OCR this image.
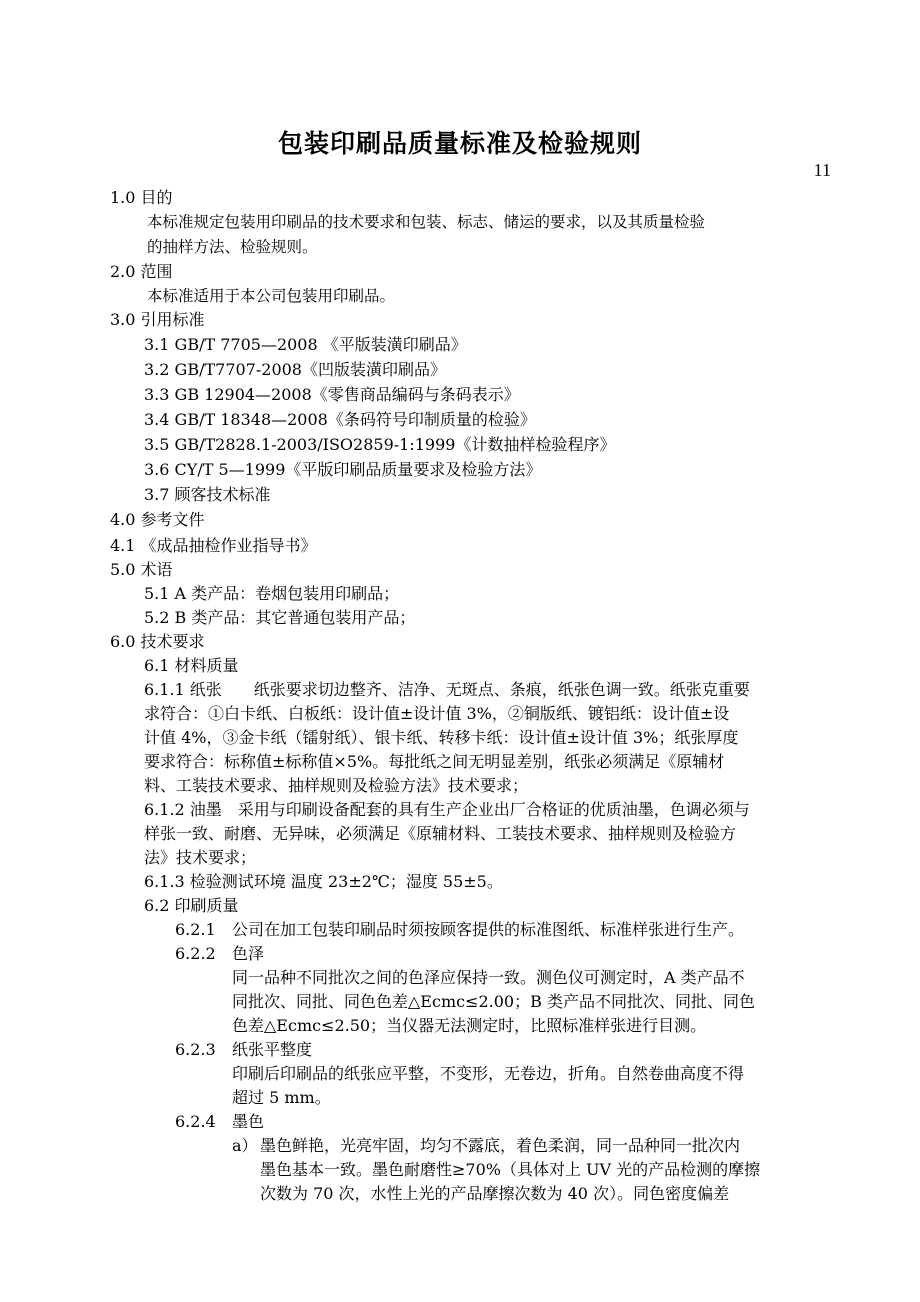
包装印刷品质量标准及检验规则
11
1.0 目的
本标准规定包装用印刷品的技术要求和包装、标志、储运的要求，以及其质量检验
的抽样方法、检验规则。
2.0 范围
本标准适用于本公司包装用印刷品。
3.0 引用标准
3.1 GB/T 7705—2008 《平版装潢印刷品》
3.2 GB/T7707-2008《凹版装潢印刷品》
3.3 GB 12904—2008《零售商品编码与条码表示》
3.4 GB/T 18348—2008《条码符号印制质量的检验》
3.5 GB/T2828.1-2003/ISO2859-1:1999《计数抽样检验程序》
3.6 CY/T 5—1999《平版印刷品质量要求及检验方法》
3.7 顾客技术标准
4.0 参考文件
4.1 《成品抽检作业指导书》
5.0 术语
5.1 A 类产品：卷烟包装用印刷品；
5.2 B 类产品：其它普通包装用产品；
6.0 技术要求
6.1 材料质量
6.1.1 纸张　　纸张要求切边整齐、洁净、无斑点、条痕，纸张色调一致。纸张克重要
求符合：①白卡纸、白板纸：设计值±设计值 3%，②铜版纸、镀铝纸：设计值±设
计值 4%，③金卡纸（镭射纸）、银卡纸、转移卡纸：设计值±设计值 3%；纸张厚度
要求符合：标称值±标称值×5%。每批纸之间无明显差别，纸张必须满足《原辅材
料、工装技术要求、抽样规则及检验方法》技术要求；
6.1.2 油墨　采用与印刷设备配套的具有生产企业出厂合格证的优质油墨，色调必须与
样张一致、耐磨、无异味，必须满足《原辅材料、工装技术要求、抽样规则及检验方
法》技术要求；
6.1.3 检验测试环境 温度 23±2℃；湿度 55±5。
6.2 印刷质量
6.2.1 公司在加工包装印刷品时须按顾客提供的标准图纸、标准样张进行生产。
6.2.2 色泽
同一品种不同批次之间的色泽应保持一致。测色仪可测定时，A 类产品不
同批次、同批、同色色差△Ecmc≤2.00；B 类产品不同批次、同批、同色
色差△Ecmc≤2.50；当仪器无法测定时，比照标准样张进行目测。
6.2.3 纸张平整度
印刷后印刷品的纸张应平整，不变形，无卷边，折角。自然卷曲高度不得
超过 5 mm。
6.2.4 墨色
a） 墨色鲜艳，光亮牢固，均匀不露底，着色柔润，同一品种同一批次内
墨色基本一致。墨色耐磨性≥70%（具体对上 UV 光的产品检测的摩擦
次数为 70 次，水性上光的产品摩擦次数为 40 次）。同色密度偏差
